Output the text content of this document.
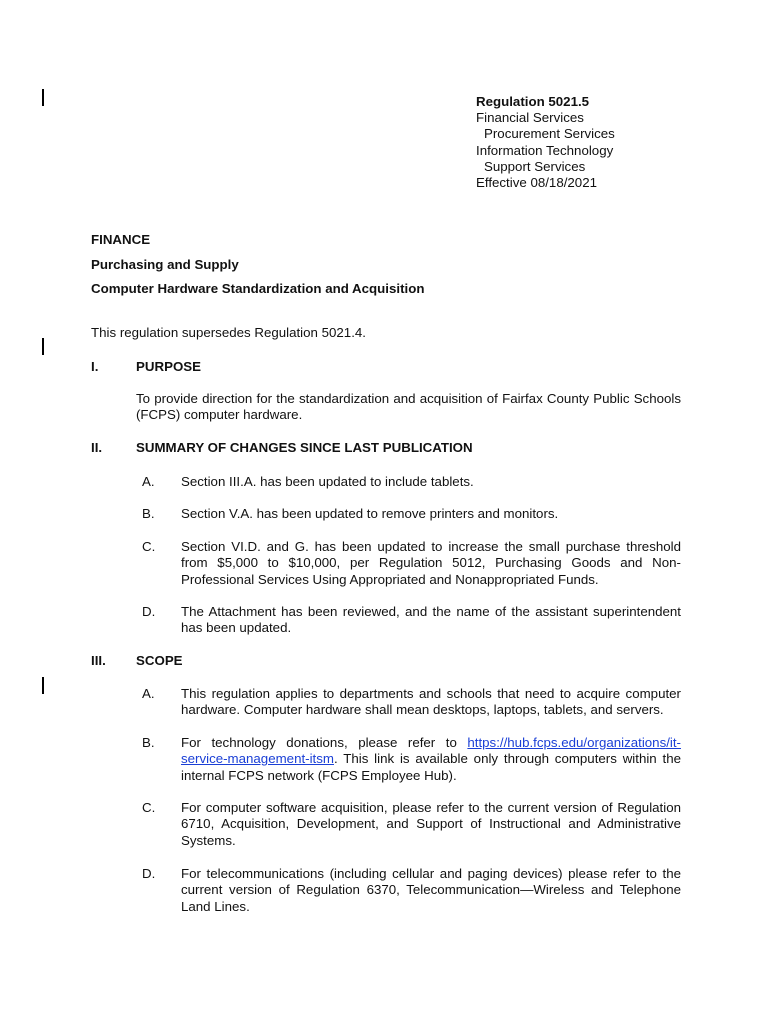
Regulation 5021.5
Financial Services
Procurement Services
Information Technology
Support Services
Effective 08/18/2021
FINANCE
Purchasing and Supply
Computer Hardware Standardization and Acquisition
This regulation supersedes Regulation 5021.4.
I.	PURPOSE
To provide direction for the standardization and acquisition of Fairfax County Public Schools (FCPS) computer hardware.
II.	SUMMARY OF CHANGES SINCE LAST PUBLICATION
A. Section III.A. has been updated to include tablets.
B. Section V.A. has been updated to remove printers and monitors.
C. Section VI.D. and G. has been updated to increase the small purchase threshold from $5,000 to $10,000, per Regulation 5012, Purchasing Goods and Non-Professional Services Using Appropriated and Nonappropriated Funds.
D. The Attachment has been reviewed, and the name of the assistant superintendent has been updated.
III. SCOPE
A. This regulation applies to departments and schools that need to acquire computer hardware. Computer hardware shall mean desktops, laptops, tablets, and servers.
B. For technology donations, please refer to https://hub.fcps.edu/organizations/it-service-management-itsm. This link is available only through computers within the internal FCPS network (FCPS Employee Hub).
C. For computer software acquisition, please refer to the current version of Regulation 6710, Acquisition, Development, and Support of Instructional and Administrative Systems.
D. For telecommunications (including cellular and paging devices) please refer to the current version of Regulation 6370, Telecommunication—Wireless and Telephone Land Lines.
